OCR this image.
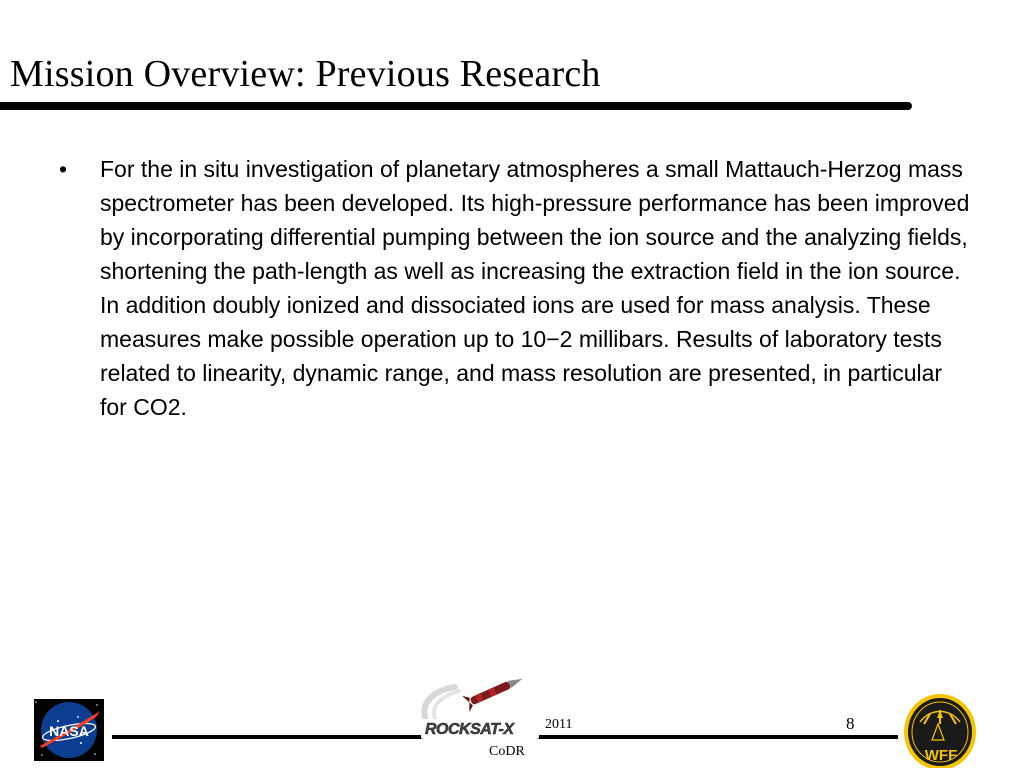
Mission Overview: Previous Research
• For the in situ investigation of planetary atmospheres a small Mattauch-Herzog mass spectrometer has been developed. Its high-pressure performance has been improved by incorporating differential pumping between the ion source and the analyzing fields, shortening the path-length as well as increasing the extraction field in the ion source. In addition doubly ionized and dissociated ions are used for mass analysis. These measures make possible operation up to 10−2 millibars. Results of laboratory tests related to linearity, dynamic range, and mass resolution are presented, in particular for CO2.
NASA	ROCKSAT-X 2011	8
CoDR	WFF
